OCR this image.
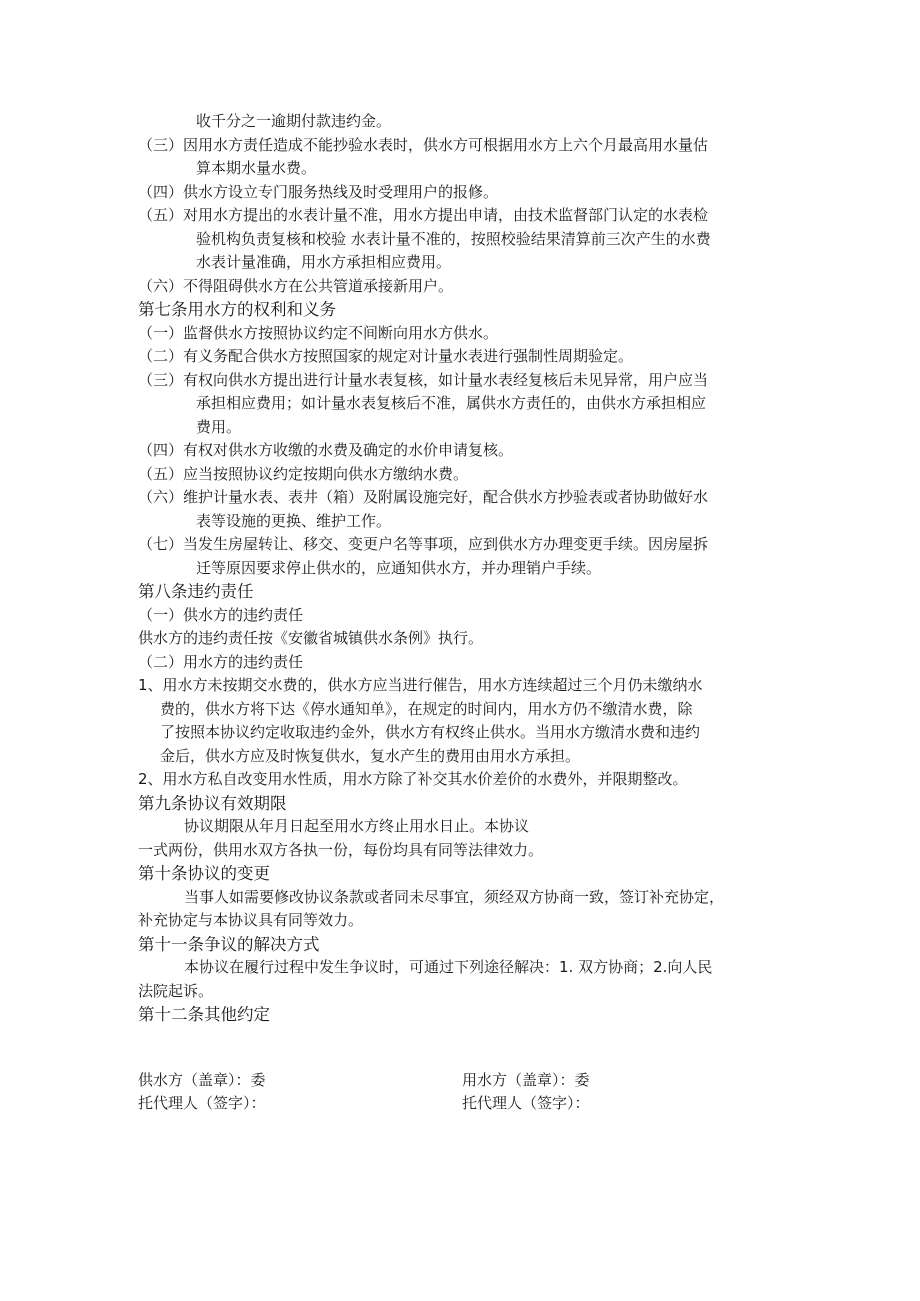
收千分之一逾期付款违约金。
（三）因用水方责任造成不能抄验水表时，供水方可根据用水方上六个月最高用水量估
算本期水量水费。
（四）供水方设立专门服务热线及时受理用户的报修。
（五）对用水方提出的水表计量不准，用水方提出申请，由技术监督部门认定的水表检
验机构负责复核和校验 水表计量不准的，按照校验结果清算前三次产生的水费
水表计量准确，用水方承担相应费用。
（六）不得阻碍供水方在公共管道承接新用户。
第七条用水方的权利和义务
（一）监督供水方按照协议约定不间断向用水方供水。
（二）有义务配合供水方按照国家的规定对计量水表进行强制性周期验定。
（三）有权向供水方提出进行计量水表复核，如计量水表经复核后未见异常，用户应当
承担相应费用；如计量水表复核后不准，属供水方责任的，由供水方承担相应
费用。
（四）有权对供水方收缴的水费及确定的水价申请复核。
（五）应当按照协议约定按期向供水方缴纳水费。
（六）维护计量水表、表井（箱）及附属设施完好，配合供水方抄验表或者协助做好水
表等设施的更换、维护工作。
（七）当发生房屋转让、移交、变更户名等事项，应到供水方办理变更手续。因房屋拆
迁等原因要求停止供水的，应通知供水方，并办理销户手续。
第八条违约责任
（一）供水方的违约责任
供水方的违约责任按《安徽省城镇供水条例》执行。
（二）用水方的违约责任
1、用水方未按期交水费的，供水方应当进行催告，用水方连续超过三个月仍未缴纳水
费的，供水方将下达《停水通知单》，在规定的时间内，用水方仍不缴清水费，除
了按照本协议约定收取违约金外，供水方有权终止供水。当用水方缴清水费和违约
金后，供水方应及时恢复供水，复水产生的费用由用水方承担。
2、用水方私自改变用水性质，用水方除了补交其水价差价的水费外，并限期整改。
第九条协议有效期限
协议期限从年月日起至用水方终止用水日止。本协议
一式两份，供用水双方各执一份，每份均具有同等法律效力。
第十条协议的变更
当事人如需要修改协议条款或者同未尽事宜，须经双方协商一致，签订补充协定，
补充协定与本协议具有同等效力。
第十一条争议的解决方式
本协议在履行过程中发生争议时，可通过下列途径解决：1. 双方协商；2.向人民
法院起诉。
第十二条其他约定
供水方（盖章）：委	用水方（盖章）：委
托代理人（签字）：	托代理人（签字）：
